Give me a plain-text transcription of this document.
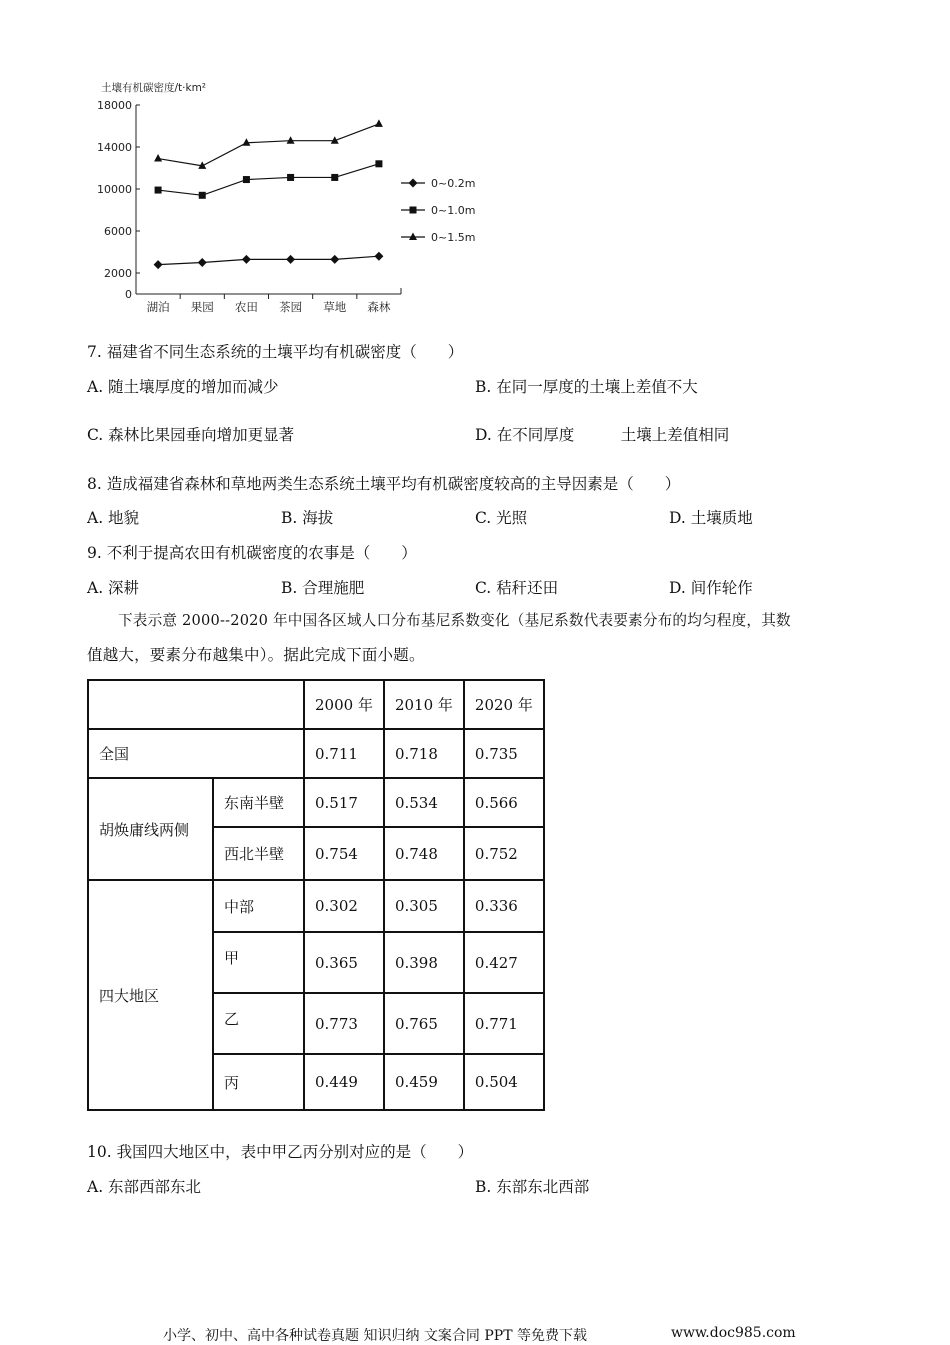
土壤有机碳密度/t·km²
0
2000
6000
10000
14000
18000
湖泊 果园 农田 茶园 草地 森林
0~0.2m
0~1.0m
0~1.5m
7. 福建省不同生态系统的土壤平均有机碳密度（　　）
A. 随土壤厚度的增加而减少	B. 在同一厚度的土壤上差值不大
C. 森林比果园垂向增加更显著	D. 在不同厚度　　　土壤上差值相同
8. 造成福建省森林和草地两类生态系统土壤平均有机碳密度较高的主导因素是（　　）
A. 地貌	B. 海拔	C. 光照	D. 土壤质地
9. 不利于提高农田有机碳密度的农事是（　　）
A. 深耕	B. 合理施肥	C. 秸秆还田	D. 间作轮作
下表示意 2000--2020 年中国各区域人口分布基尼系数变化（基尼系数代表要素分布的均匀程度，其数
值越大，要素分布越集中）。据此完成下面小题。
		2000 年	2010 年	2020 年
全国		0.711	0.718	0.735
胡焕庸线两侧	东南半壁	0.517	0.534	0.566
	西北半壁	0.754	0.748	0.752
四大地区	中部	0.302	0.305	0.336
	甲	0.365	0.398	0.427
	乙	0.773	0.765	0.771
	丙	0.449	0.459	0.504
10. 我国四大地区中，表中甲乙丙分别对应的是（　　）
A. 东部西部东北	B. 东部东北西部
小学、初中、高中各种试卷真题 知识归纳 文案合同 PPT 等免费下载	www.doc985.com
